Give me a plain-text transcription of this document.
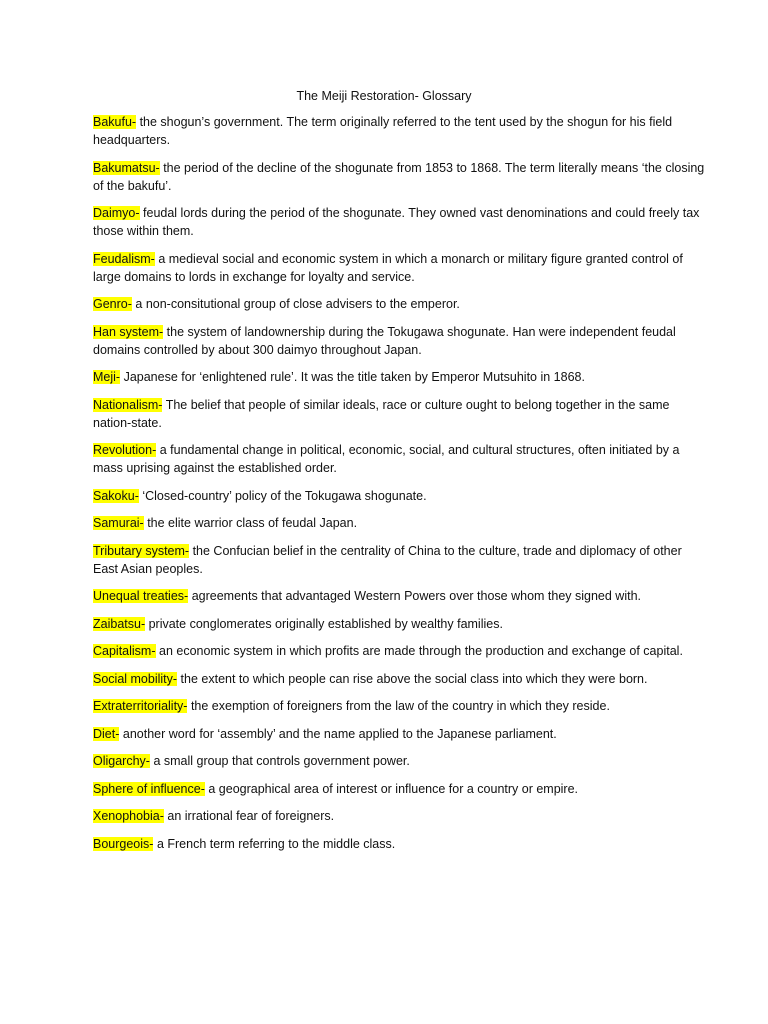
The Meiji Restoration- Glossary
Bakufu- the shogun’s government. The term originally referred to the tent used by the shogun for his field headquarters.
Bakumatsu- the period of the decline of the shogunate from 1853 to 1868. The term literally means ‘the closing of the bakufu’.
Daimyo- feudal lords during the period of the shogunate. They owned vast denominations and could freely tax those within them.
Feudalism- a medieval social and economic system in which a monarch or military figure granted control of large domains to lords in exchange for loyalty and service.
Genro- a non-consitutional group of close advisers to the emperor.
Han system- the system of landownership during the Tokugawa shogunate. Han were independent feudal domains controlled by about 300 daimyo throughout Japan.
Meji- Japanese for ‘enlightened rule’. It was the title taken by Emperor Mutsuhito in 1868.
Nationalism- The belief that people of similar ideals, race or culture ought to belong together in the same nation-state.
Revolution- a fundamental change in political, economic, social, and cultural structures, often initiated by a mass uprising against the established order.
Sakoku- ‘Closed-country’ policy of the Tokugawa shogunate.
Samurai- the elite warrior class of feudal Japan.
Tributary system- the Confucian belief in the centrality of China to the culture, trade and diplomacy of other East Asian peoples.
Unequal treaties- agreements that advantaged Western Powers over those whom they signed with.
Zaibatsu- private conglomerates originally established by wealthy families.
Capitalism- an economic system in which profits are made through the production and exchange of capital.
Social mobility- the extent to which people can rise above the social class into which they were born.
Extraterritoriality- the exemption of foreigners from the law of the country in which they reside.
Diet- another word for ‘assembly’ and the name applied to the Japanese parliament.
Oligarchy- a small group that controls government power.
Sphere of influence- a geographical area of interest or influence for a country or empire.
Xenophobia- an irrational fear of foreigners.
Bourgeois- a French term referring to the middle class.
